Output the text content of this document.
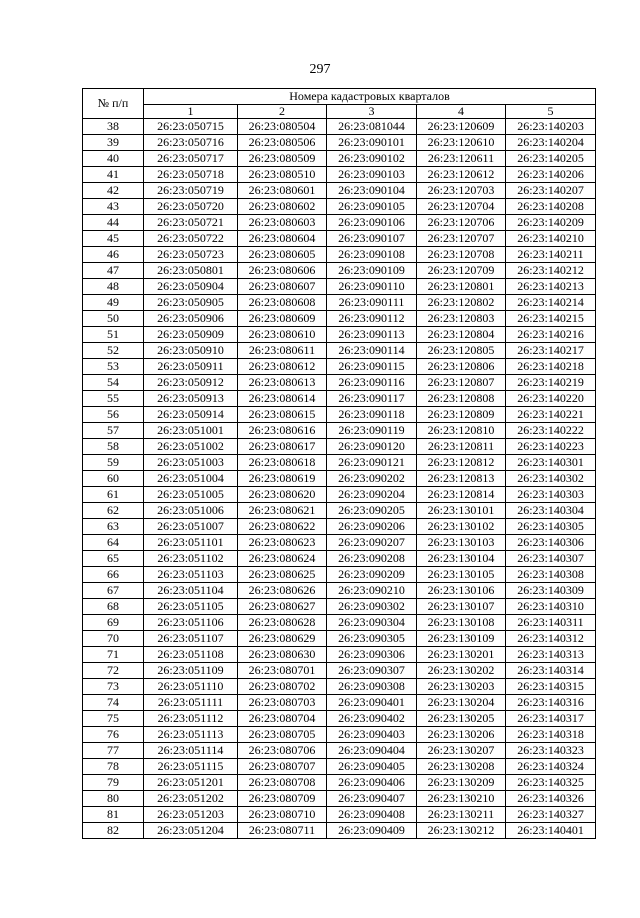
297
№ п/п	Номера кадастровых кварталов				
	1	2	3	4	5
38	26:23:050715	26:23:080504	26:23:081044	26:23:120609	26:23:140203
39	26:23:050716	26:23:080506	26:23:090101	26:23:120610	26:23:140204
40	26:23:050717	26:23:080509	26:23:090102	26:23:120611	26:23:140205
41	26:23:050718	26:23:080510	26:23:090103	26:23:120612	26:23:140206
42	26:23:050719	26:23:080601	26:23:090104	26:23:120703	26:23:140207
43	26:23:050720	26:23:080602	26:23:090105	26:23:120704	26:23:140208
44	26:23:050721	26:23:080603	26:23:090106	26:23:120706	26:23:140209
45	26:23:050722	26:23:080604	26:23:090107	26:23:120707	26:23:140210
46	26:23:050723	26:23:080605	26:23:090108	26:23:120708	26:23:140211
47	26:23:050801	26:23:080606	26:23:090109	26:23:120709	26:23:140212
48	26:23:050904	26:23:080607	26:23:090110	26:23:120801	26:23:140213
49	26:23:050905	26:23:080608	26:23:090111	26:23:120802	26:23:140214
50	26:23:050906	26:23:080609	26:23:090112	26:23:120803	26:23:140215
51	26:23:050909	26:23:080610	26:23:090113	26:23:120804	26:23:140216
52	26:23:050910	26:23:080611	26:23:090114	26:23:120805	26:23:140217
53	26:23:050911	26:23:080612	26:23:090115	26:23:120806	26:23:140218
54	26:23:050912	26:23:080613	26:23:090116	26:23:120807	26:23:140219
55	26:23:050913	26:23:080614	26:23:090117	26:23:120808	26:23:140220
56	26:23:050914	26:23:080615	26:23:090118	26:23:120809	26:23:140221
57	26:23:051001	26:23:080616	26:23:090119	26:23:120810	26:23:140222
58	26:23:051002	26:23:080617	26:23:090120	26:23:120811	26:23:140223
59	26:23:051003	26:23:080618	26:23:090121	26:23:120812	26:23:140301
60	26:23:051004	26:23:080619	26:23:090202	26:23:120813	26:23:140302
61	26:23:051005	26:23:080620	26:23:090204	26:23:120814	26:23:140303
62	26:23:051006	26:23:080621	26:23:090205	26:23:130101	26:23:140304
63	26:23:051007	26:23:080622	26:23:090206	26:23:130102	26:23:140305
64	26:23:051101	26:23:080623	26:23:090207	26:23:130103	26:23:140306
65	26:23:051102	26:23:080624	26:23:090208	26:23:130104	26:23:140307
66	26:23:051103	26:23:080625	26:23:090209	26:23:130105	26:23:140308
67	26:23:051104	26:23:080626	26:23:090210	26:23:130106	26:23:140309
68	26:23:051105	26:23:080627	26:23:090302	26:23:130107	26:23:140310
69	26:23:051106	26:23:080628	26:23:090304	26:23:130108	26:23:140311
70	26:23:051107	26:23:080629	26:23:090305	26:23:130109	26:23:140312
71	26:23:051108	26:23:080630	26:23:090306	26:23:130201	26:23:140313
72	26:23:051109	26:23:080701	26:23:090307	26:23:130202	26:23:140314
73	26:23:051110	26:23:080702	26:23:090308	26:23:130203	26:23:140315
74	26:23:051111	26:23:080703	26:23:090401	26:23:130204	26:23:140316
75	26:23:051112	26:23:080704	26:23:090402	26:23:130205	26:23:140317
76	26:23:051113	26:23:080705	26:23:090403	26:23:130206	26:23:140318
77	26:23:051114	26:23:080706	26:23:090404	26:23:130207	26:23:140323
78	26:23:051115	26:23:080707	26:23:090405	26:23:130208	26:23:140324
79	26:23:051201	26:23:080708	26:23:090406	26:23:130209	26:23:140325
80	26:23:051202	26:23:080709	26:23:090407	26:23:130210	26:23:140326
81	26:23:051203	26:23:080710	26:23:090408	26:23:130211	26:23:140327
82	26:23:051204	26:23:080711	26:23:090409	26:23:130212	26:23:140401
